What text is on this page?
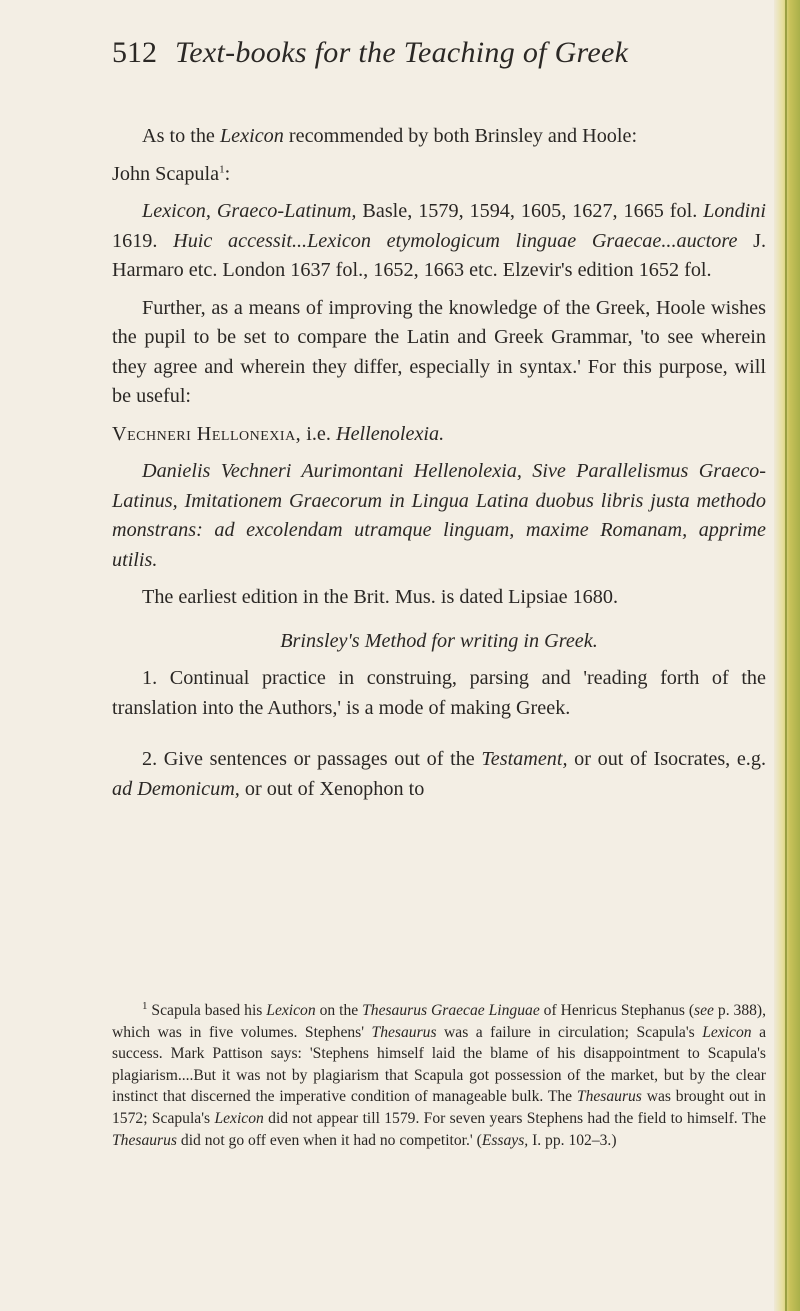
512 Text-books for the Teaching of Greek

As to the Lexicon recommended by both Brinsley and Hoole:

John Scapula$^1$:

Lexicon, Graeco-Latinum, Basle, 1579, 1594, 1605, 1627, 1665 fol. Londini 1619. Huic accessit...Lexicon etymologicum linguae Graecae...auctore J. Harmaro etc. London 1637 fol., 1652, 1663 etc. Elzevir's edition 1652 fol.

Further, as a means of improving the knowledge of the Greek, Hoole wishes the pupil to be set to compare the Latin and Greek Grammar, 'to see wherein they agree and wherein they differ, especially in syntax.' For this purpose, will be useful:

Vechneri Hellonexia, i.e. Hellenolexia.

Danielis Vechneri Aurimontani Hellenolexia, Sive Parallelismus Graeco-Latinus, Imitationem Graecorum in Lingua Latina duobus libris justa methodo monstrans: ad excolendam utramque linguam, maxime Romanam, apprime utilis.

The earliest edition in the Brit. Mus. is dated Lipsiae 1680.

Brinsley's Method for writing in Greek.

1. Continual practice in construing, parsing and 'reading forth of the translation into the Authors,' is a mode of making Greek.

2. Give sentences or passages out of the Testament, or out of Isocrates, e.g. ad Demonicum, or out of Xenophon to

$^1$ Scapula based his Lexicon on the Thesaurus Graecae Linguae of Henricus Stephanus (see p. 388), which was in five volumes. Stephens' Thesaurus was a failure in circulation; Scapula's Lexicon a success. Mark Pattison says: 'Stephens himself laid the blame of his disappointment to Scapula's plagiarism....But it was not by plagiarism that Scapula got possession of the market, but by the clear instinct that discerned the imperative condition of manageable bulk. The Thesaurus was brought out in 1572; Scapula's Lexicon did not appear till 1579. For seven years Stephens had the field to himself. The Thesaurus did not go off even when it had no competitor.' (Essays, I. pp. 102–3.)
